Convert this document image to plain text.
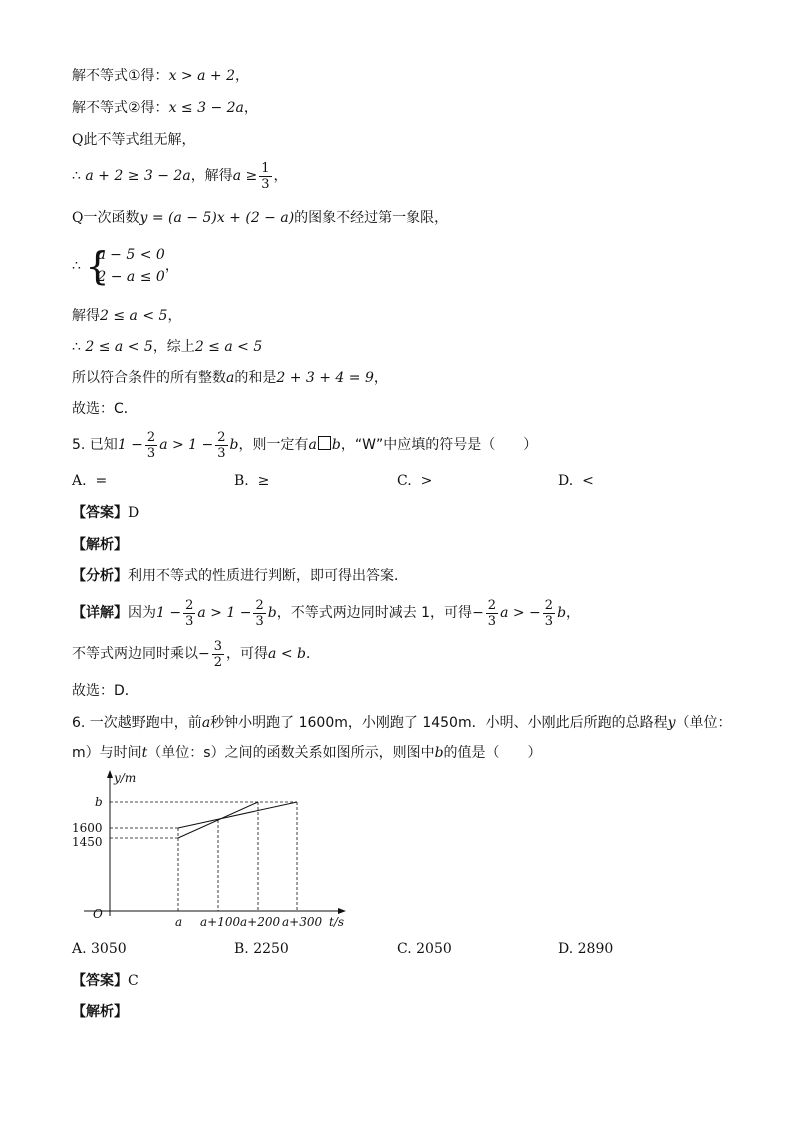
解不等式①得：x > a + 2，
解不等式②得：x ≤ 3 − 2a，
Q此不等式组无解，
∴ a + 2 ≥ 3 − 2a，解得$a \ge \frac{1}{3}$ ，
Q一次函数y = (a − 5)x + (2 − a)的图象不经过第一象限，
∴ {
a − 5 < 0
2 − a ≤ 0
，
解得2 ≤ a < 5，
∴ 2 ≤ a < 5，综上2 ≤ a < 5
所以符合条件的所有整数a的和是2 + 3 + 4 = 9，
故选：C．
5. 已知$1 - \frac{2}{3}$ $a > 1 - \frac{2}{3}$ b，则一定有a b，“W”中应填的符号是（　　）
A. =	B. ≥	C. >	D. <
【答案】D
【解析】
【分析】利用不等式的性质进行判断，即可得出答案．
【详解】因为$1 - \frac{2}{3}$ $a > 1 - \frac{2}{3}$ b，不等式两边同时减去 1，可得− $\frac{2}{3}$ a > − $\frac{2}{3}$ b，
不等式两边同时乘以− $\frac{3}{2}$ ，可得a < b．
故选：D．
6. 一次越野跑中，前a秒钟小明跑了 1600m，小刚跑了 1450m．小明、小刚此后所跑的总路程y（单位：
m）与时间t（单位：s）之间的函数关系如图所示，则图中b的值是（　　）
y/m
t/s
O
b
1600
1450
a a+100 a+200 a+300
A. 3050	B. 2250	C. 2050	D. 2890
【答案】C
【解析】
